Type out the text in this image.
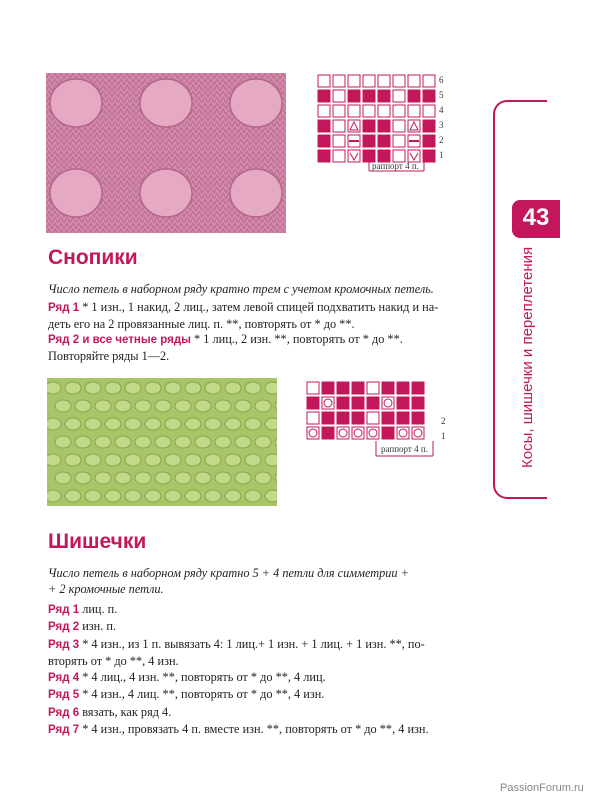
6
5
4
3
2
1
раппорт 4 п.
43
Косы, шишечки и переплетения
Снопики
Число петель в наборном ряду кратно трем с учетом кромочных петель.
Ряд 1 * 1 изн., 1 накид, 2 лиц., затем левой спицей подхватить накид и на-
деть его на 2 провязанные лиц. п. **, повторять от * до **.
Ряд 2 и все четные ряды * 1 лиц., 2 изн. **, повторять от * до **.
Повторяйте ряды 1—2.
2
1
раппорт 4 п.
Шишечки
Число петель в наборном ряду кратно 5 + 4 петли для симметрии +
+ 2 кромочные петли.
Ряд 1 лиц. п.
Ряд 2 изн. п.
Ряд 3 * 4 изн., из 1 п. вывязать 4: 1 лиц.+ 1 изн. + 1 лиц. + 1 изн. **, по-
вторять от * до **, 4 изн.
Ряд 4 * 4 лиц., 4 изн. **, повторять от * до **, 4 лиц.
Ряд 5 * 4 изн., 4 лиц. **, повторять от * до **, 4 изн.
Ряд 6 вязать, как ряд 4.
Ряд 7 * 4 изн., провязать 4 п. вместе изн. **, повторять от * до **, 4 изн.
PassionForum.ru
